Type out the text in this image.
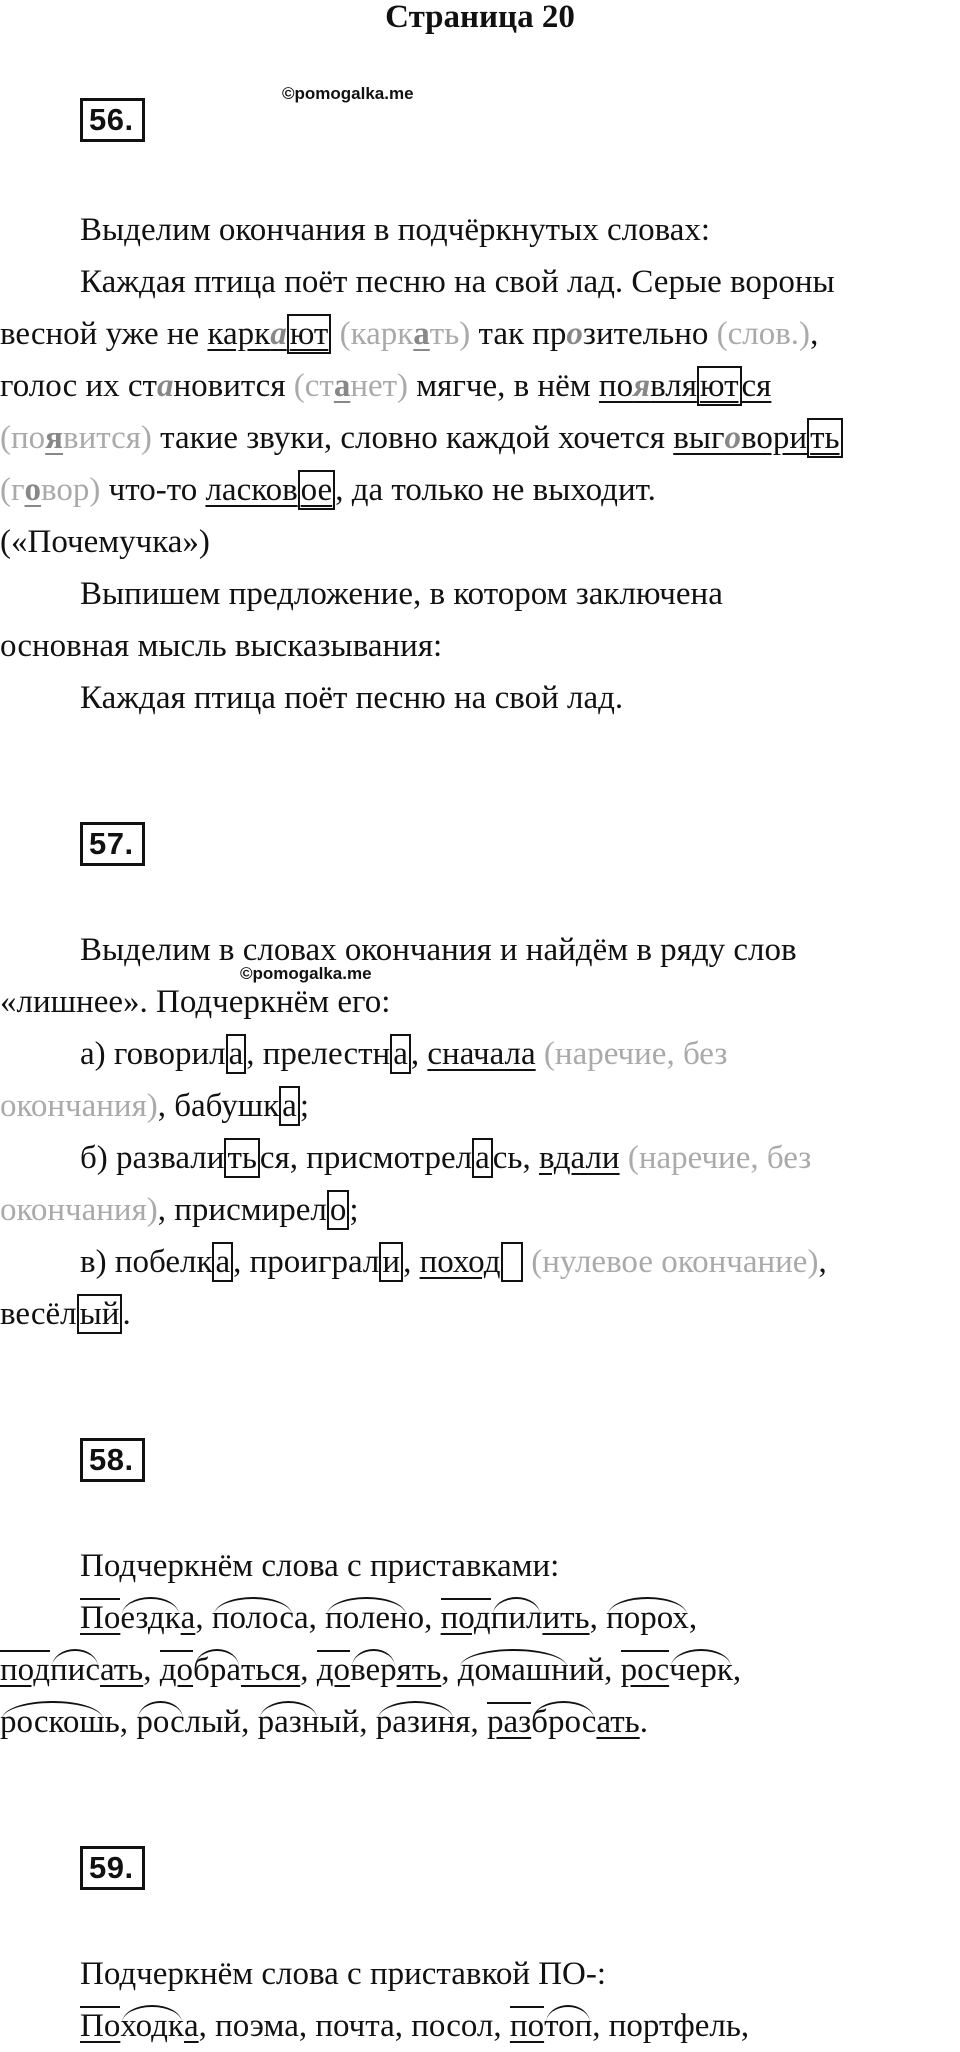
Страница 20
56.
©pomogalka.me
Выделим окончания в подчёркнутых словах:
Каждая птица поёт песню на свой лад. Серые вороны
весной уже не каркают (каркать) так прозительно (слов.),
голос их становится (станет) мягче, в нём появляются
(появится) такие звуки, словно каждой хочется выговорить
(говор) что-то ласковое, да только не выходит.
(«Почемучка»)
Выпишем предложение, в котором заключена
основная мысль высказывания:
Каждая птица поёт песню на свой лад.
57.
Выделим в словах окончания и найдём в ряду слов
©pomogalka.me
«лишнее». Подчеркнём его:
а) говорила, прелестна, сначала (наречие, без
окончания), бабушка;
б) развалиться, присмотрелась, вдали (наречие, без
окончания), присмирело;
в) побелка, проиграли, поход (нулевое окончание),
весёлый.
58.
Подчеркнём слова с приставками:
Поездка, полоса, полено, подпилить, порох,
подписать, добраться, доверять, домашний, росчерк,
роскошь, рослый, разный, разиня, разбросать.
59.
Подчеркнём слова с приставкой ПО-:
Походка, поэма, почта, посол, потоп, портфель,
